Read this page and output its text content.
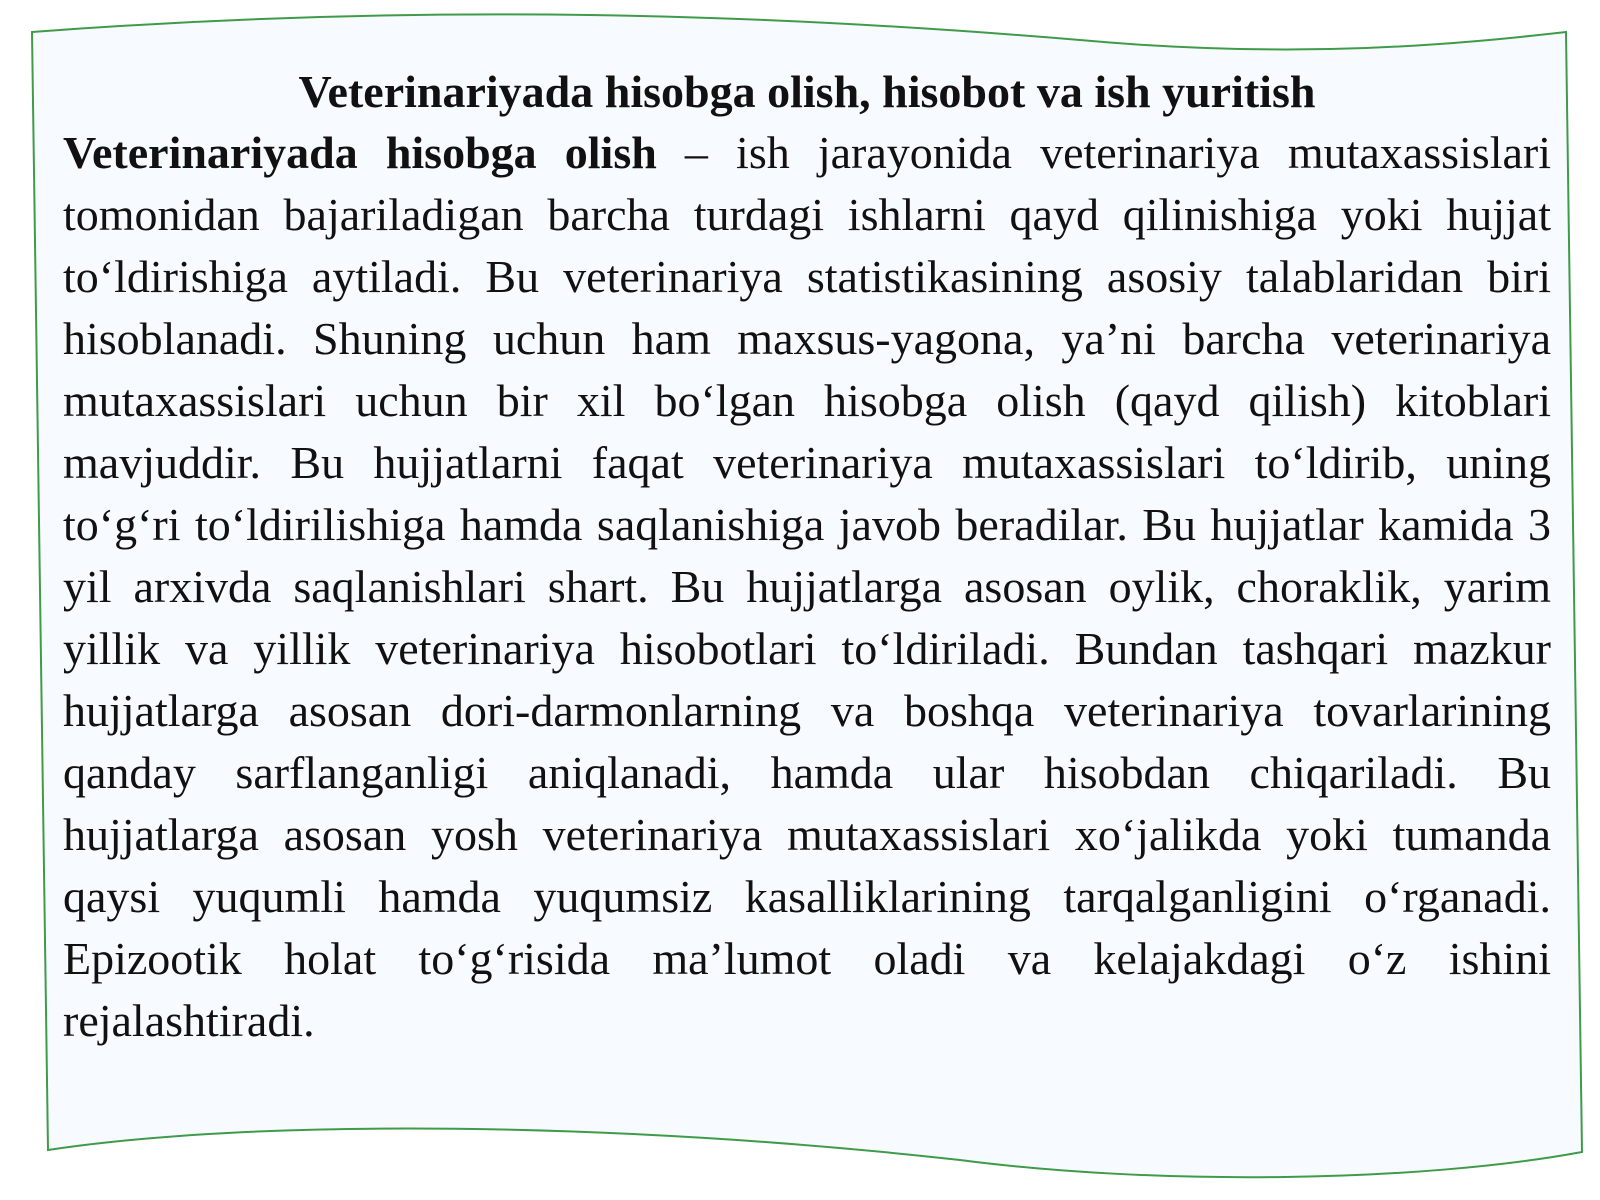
Veterinariyada hisobga olish, hisobot va ish yuritish

Veterinariyada hisobga olish – ish jarayonida veterinariya mutaxassislari tomonidan bajariladigan barcha turdagi ishlarni qayd qilinishiga yoki hujjat to‘ldirishiga aytiladi. Bu veterinariya statistikasining asosiy talablaridan biri hisoblanadi. Shuning uchun ham maxsus-yagona, ya’ni barcha veterinariya mutaxassislari uchun bir xil bo‘lgan hisobga olish (qayd qilish) kitoblari mavjuddir. Bu hujjatlarni faqat veterinariya mutaxassislari to‘ldirib, uning to‘g‘ri to‘ldirilishiga hamda saqlanishiga javob beradilar. Bu hujjatlar kamida 3 yil arxivda saqlanishlari shart. Bu hujjatlarga asosan oylik, choraklik, yarim yillik va yillik veterinariya hisobotlari to‘ldiriladi. Bundan tashqari mazkur hujjatlarga asosan dori-darmonlarning va boshqa veterinariya tovarlarining qanday sarflanganligi aniqlanadi, hamda ular hisobdan chiqariladi. Bu hujjatlarga asosan yosh veterinariya mutaxassislari xo‘jalikda yoki tumanda qaysi yuqumli hamda yuqumsiz kasalliklarining tarqalganligini o‘rganadi. Epizootik holat to‘g‘risida ma’lumot oladi va kelajakdagi o‘z ishini rejalashtiradi.
